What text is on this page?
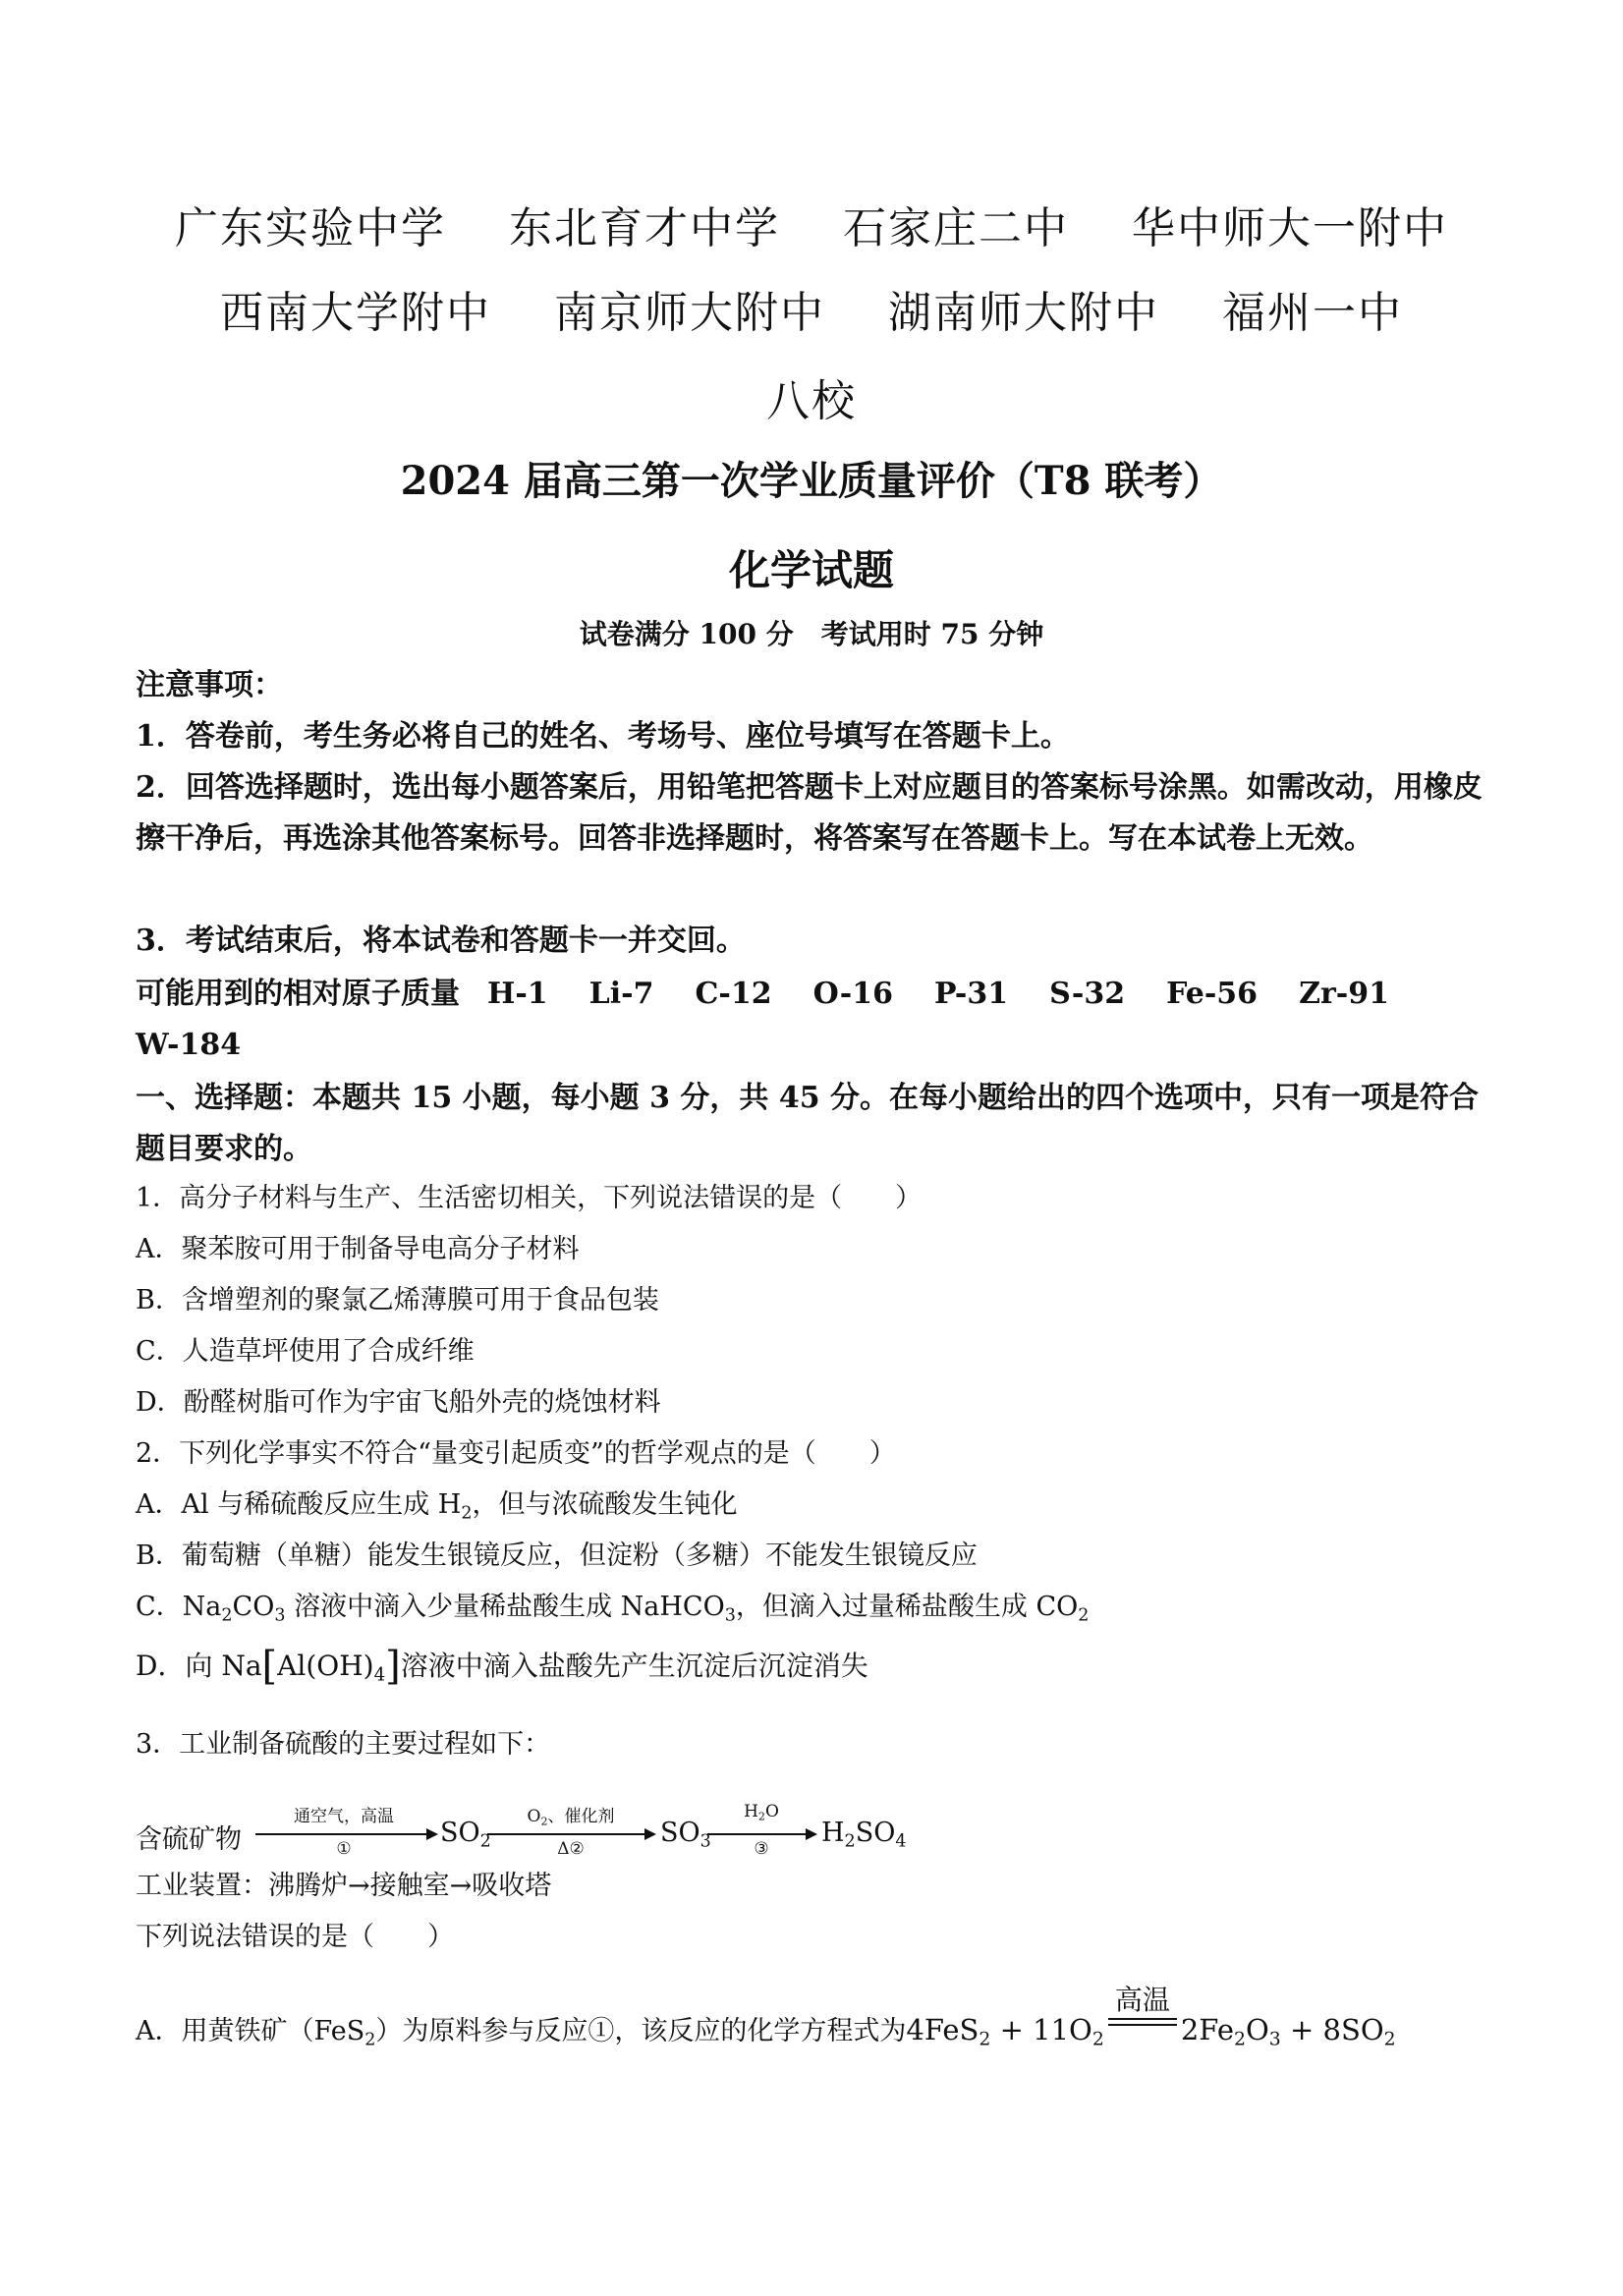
广东实验中学 东北育才中学 石家庄二中 华中师大一附中
西南大学附中 南京师大附中 湖南师大附中 福州一中
八校
2024 届高三第一次学业质量评价（T8 联考）
化学试题
试卷满分 100 分　考试用时 75 分钟
注意事项：
1．答卷前，考生务必将自己的姓名、考场号、座位号填写在答题卡上。
2．回答选择题时，选出每小题答案后，用铅笔把答题卡上对应题目的答案标号涂黑。如需改动，用橡皮擦干净后，再选涂其他答案标号。回答非选择题时，将答案写在答题卡上。写在本试卷上无效。
3．考试结束后，将本试卷和答题卡一并交回。
可能用到的相对原子质量 H-1 Li-7 C-12 O-16 P-31 S-32 Fe-56 Zr-91
W-184
一、选择题：本题共 15 小题，每小题 3 分，共 45 分。在每小题给出的四个选项中，只有一项是符合题目要求的。
1．高分子材料与生产、生活密切相关，下列说法错误的是（　　）
A．聚苯胺可用于制备导电高分子材料
B．含增塑剂的聚氯乙烯薄膜可用于食品包装
C．人造草坪使用了合成纤维
D．酚醛树脂可作为宇宙飞船外壳的烧蚀材料
2．下列化学事实不符合“量变引起质变”的哲学观点的是（　　）
A．Al 与稀硫酸反应生成 $H_2$，但与浓硫酸发生钝化
B．葡萄糖（单糖）能发生银镜反应，但淀粉（多糖）不能发生银镜反应
C．$Na_2CO_3$ 溶液中滴入少量稀盐酸生成 NaHCO$_3$，但滴入过量稀盐酸生成 $CO_2$
D．向 $Na[Al(OH)_4]$溶液中滴入盐酸先产生沉淀后沉淀消失
3．工业制备硫酸的主要过程如下：
含硫矿物
通空气，高温
①
$SO_2$
$O_2$、催化剂
Δ②
$SO_3$
$H_2O$
③
$H_2SO_4$
工业装置：沸腾炉→接触室→吸收塔
下列说法错误的是（　　）
A．用黄铁矿（FeS$_2$）为原料参与反应①，该反应的化学方程式为$4FeS_2 + 11O_2$
高温
$2Fe_2O_3 + 8SO_2$
